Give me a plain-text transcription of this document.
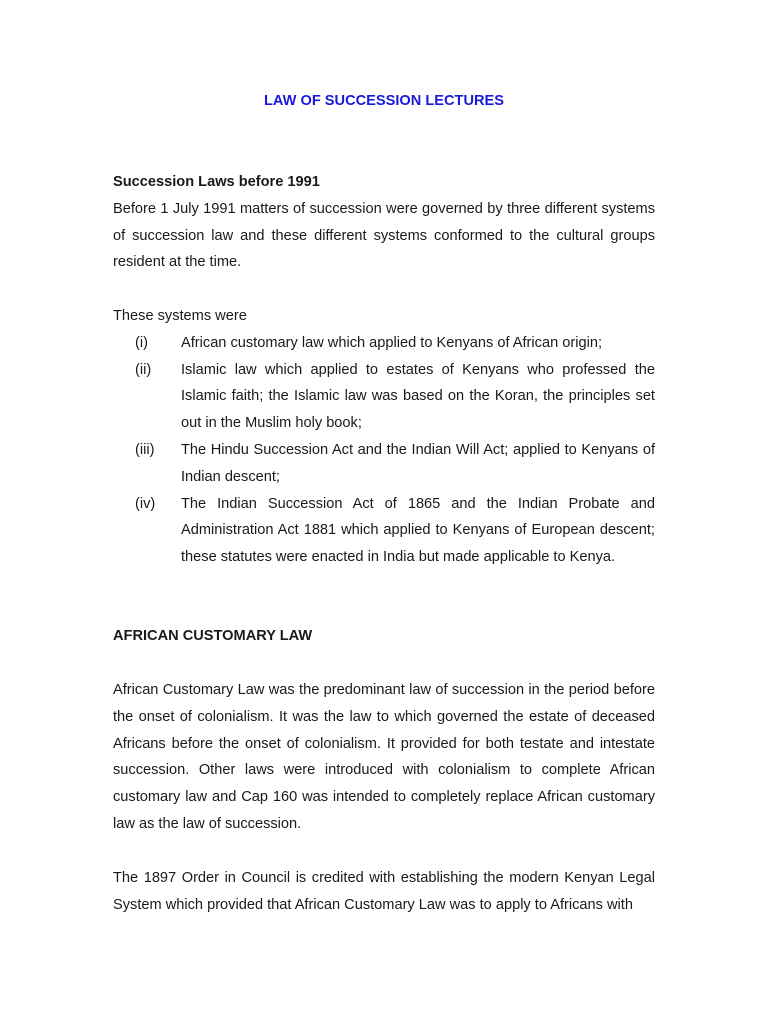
LAW OF SUCCESSION LECTURES

Succession Laws before 1991

Before 1 July 1991 matters of succession were governed by three different systems of succession law and these different systems conformed to the cultural groups resident at the time.

These systems were

(i)	African customary law which applied to Kenyans of African origin;
(ii)	Islamic law which applied to estates of Kenyans who professed the Islamic faith; the Islamic law was based on the Koran, the principles set out in the Muslim holy book;
(iii)	The Hindu Succession Act and the Indian Will Act; applied to Kenyans of Indian descent;
(iv)	The Indian Succession Act of 1865 and the Indian Probate and Administration Act 1881 which applied to Kenyans of European descent; these statutes were enacted in India but made applicable to Kenya.

AFRICAN CUSTOMARY LAW

African Customary Law was the predominant law of succession in the period before the onset of colonialism. It was the law to which governed the estate of deceased Africans before the onset of colonialism. It provided for both testate and intestate succession. Other laws were introduced with colonialism to complete African customary law and Cap 160 was intended to completely replace African customary law as the law of succession.

The 1897 Order in Council is credited with establishing the modern Kenyan Legal System which provided that African Customary Law was to apply to Africans with
